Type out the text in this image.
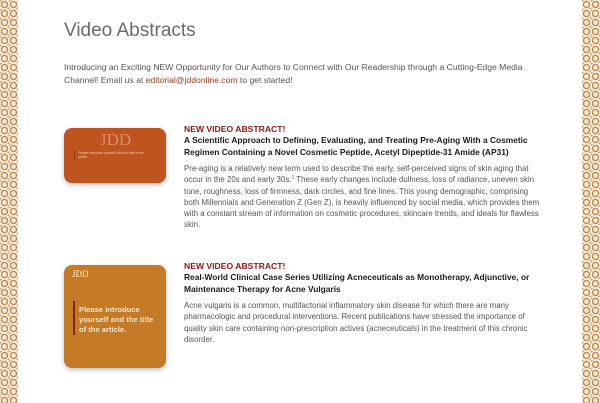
Video Abstracts

Introducing an Exciting NEW Opportunity for Our Authors to Connect with Our Readership through a Cutting-Edge Media Channel! Email us at editorial@jddonline.com to get started!

JDD
Please introduce yourself and the title of the article.
NEW VIDEO ABSTRACT!
A Scientific Approach to Defining, Evaluating, and Treating Pre-Aging With a Cosmetic Regimen Containing a Novel Cosmetic Peptide, Acetyl Dipeptide-31 Amide (AP31)
Pre-aging is a relatively new term used to describe the early, self-perceived signs of skin aging that occur in the 20s and early 30s.$^1$ These early changes include dullness, loss of radiance, uneven skin tone, roughness, loss of firmness, dark circles, and fine lines. This young demographic, comprising both Millennials and Generation Z (Gen Z), is heavily influenced by social media, which provides them with a constant stream of information on cosmetic procedures, skincare trends, and ideals for flawless skin.
JDD
Please introduce yourself and the title of the article.
NEW VIDEO ABSTRACT!
Real-World Clinical Case Series Utilizing Acneceuticals as Monotherapy, Adjunctive, or Maintenance Therapy for Acne Vulgaris
Acne vulgaris is a common, multifactorial inflammatory skin disease for which there are many pharmacologic and procedural interventions. Recent publications have stressed the importance of quality skin care containing non-prescription actives (acneceuticals) in the treatment of this chronic disorder.
